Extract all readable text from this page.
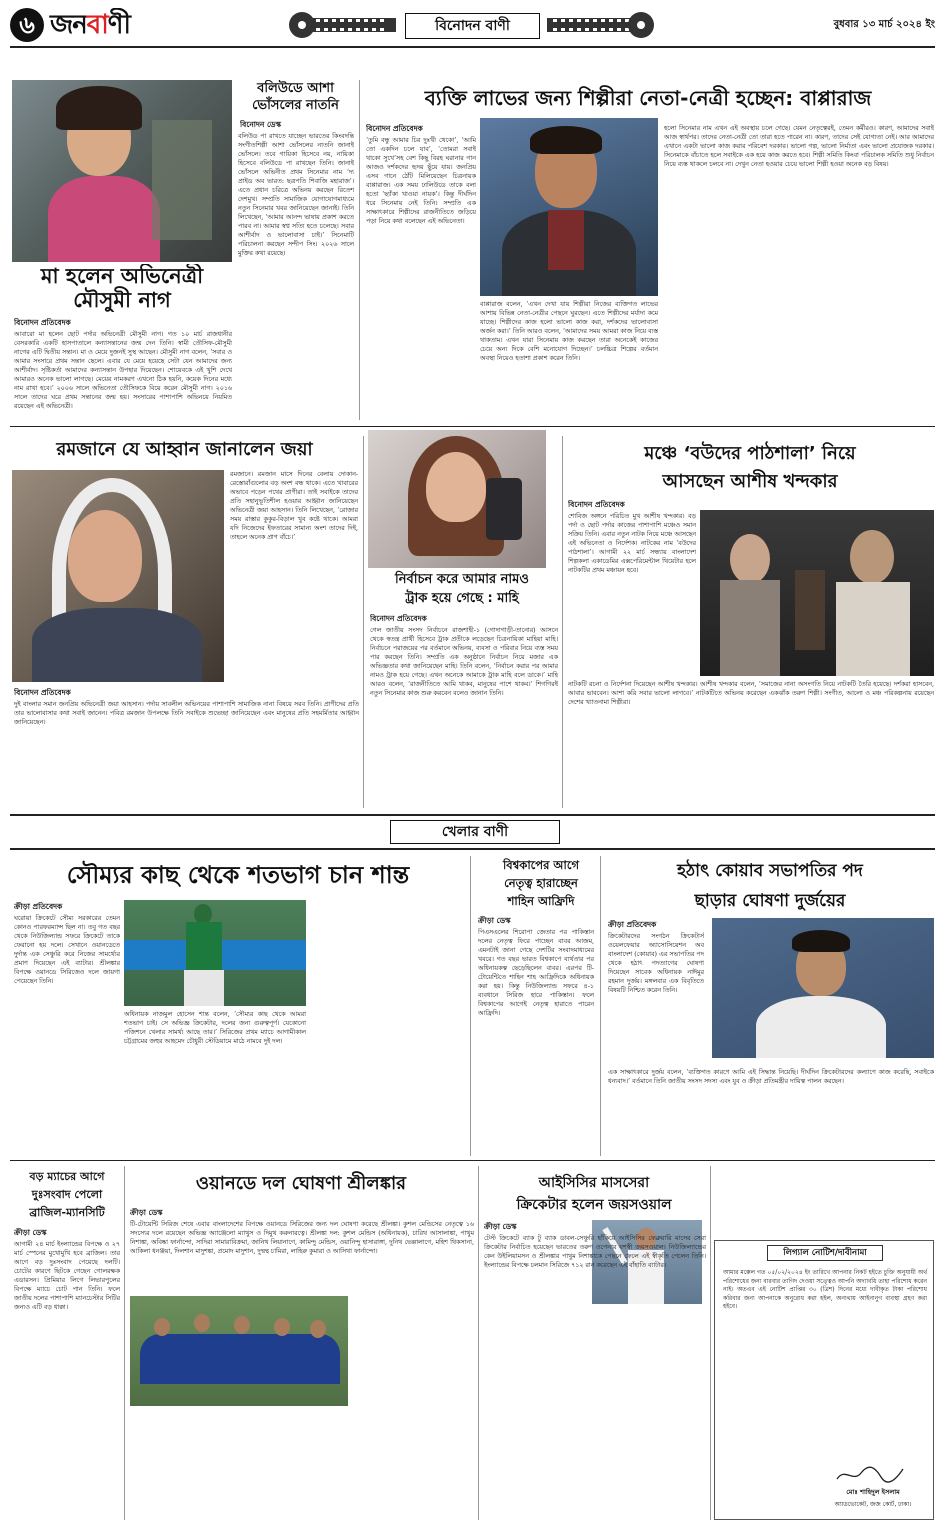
৬ জনবাণী	বিনোদন বাণী	বুধবার ১৩ মার্চ ২০২৪ ইং
মা হলেন অভিনেত্রী
মৌসুমী নাগ
বিনোদন প্রতিবেদক
আবারো মা হলেন ছোট পর্দার অভিনেত্রী মৌসুমী নাগ। গত ১০ মার্চ রাজধানীর বেসরকারি একটি হাসপাতালে কন্যাসন্তানের জন্ম দেন তিনি। স্বামী তৌসিফ-মৌসুমী নাগের এটি দ্বিতীয় সন্তান। মা ও মেয়ে দুজনই সুস্থ আছেন। মৌসুমী নাগ বলেন, ‘সবার ও আমার সংসারে প্রথম সন্তান ছেলে। এবার যে মেয়ে হয়েছে সেটা যেন আমাদের জন্য আশীর্বাদ। সৃষ্টিকর্তা আমাদের কন্যাসন্তান উপহার দিয়েছেন। শোয়েবকে এই খুশি দেখে আমারও অনেক ভালো লাগছে। মেয়ের নামকরণ এখনো ঠিক হয়নি, কয়েক দিনের মধ্যে নাম রাখা হবে।’ ২০০৬ সালে অভিনেতা তৌসিফকে বিয়ে করেন মৌসুমী নাগ। ২০১৬ সালে তাদের ঘরে প্রথম সন্তানের জন্ম হয়। সংসারের পাশাপাশি অভিনয়ে নিয়মিত রয়েছেন এই অভিনেত্রী।
বলিউডে আশা
ভোঁসলের নাতনি
বিনোদন ডেস্ক
বলিউড পা রাখতে যাচ্ছেন ভারতের কিংবদন্তি সংগীতশিল্পী আশা ভোঁসলের নাতনি জানাই ভোঁসলে। তবে গায়িকা হিসেবে নয়, নায়িকা হিসেবে বলিউডে পা রাখছেন তিনি। জানাই ভোঁসলে অভিনীত প্রথম সিনেমার নাম ‘দ্য প্রাইড অব ভারত: ছত্রপতি শিবাজি মহারাজ’। এতে প্রধান চরিত্রে অভিনয় করছেন রিতেশ দেশমুখ। সম্প্রতি সামাজিক যোগাযোগমাধ্যমে নতুন সিনেমার খবর জানিয়েছেন জানাই। তিনি লিখেছেন, ‘আমার আনন্দ ভাষায় প্রকাশ করতে পারব না। আমার স্বপ্ন সত্যি হতে চলেছে। সবার আশীর্বাদ ও ভালোবাসা চাই।’ সিনেমাটি পরিচালনা করছেন সন্দীপ সিং। ২০২৬ সালে মুক্তির কথা রয়েছে।
ব্যক্তি লাভের জন্য শিল্পীরা নেতা-নেত্রী হচ্ছেন: বাপ্পারাজ
বিনোদন প্রতিবেদক
‘তুমি বন্ধু আমার চির দুঃখী থেকো’, ‘আমি তো একদিন চলে যাব’, ‘তোমরা সবাই থাকো সুখে’সহ বেশ কিছু বিরহ ঘরানার গান আজও দর্শকদের হৃদয় ছুঁয়ে যায়। জনপ্রিয় এসব গানে ঠোঁট মিলিয়েছেন চিত্রনায়ক বাপ্পারাজ। এক সময় ঢালিউডে তাকে বলা হতো ‘ছ্যাঁকা খাওয়া নায়ক’। কিন্তু দীর্ঘদিন ধরে সিনেমায় নেই তিনি। সম্প্রতি এক সাক্ষাৎকারে শিল্পীদের রাজনীতিতে জড়িয়ে পড়া নিয়ে কথা বলেছেন এই অভিনেতা।
বাপ্পারাজ বলেন, ‘এখন দেখা যায় শিল্পীরা নিজের ব্যক্তিগত লাভের আশায় বিভিন্ন নেতা-নেত্রীর পেছনে ঘুরছেন। এতে শিল্পীদের মর্যাদা কমে যাচ্ছে। শিল্পীদের কাজ হলো ভালো কাজ করা, দর্শকদের ভালোবাসা অর্জন করা।’ তিনি আরও বলেন, ‘আমাদের সময় আমরা কাজ নিয়ে ব্যস্ত থাকতাম। এখন যারা সিনেমায় কাজ করছেন তারা অনেকেই কাজের চেয়ে অন্য দিকে বেশি মনোযোগ দিচ্ছেন।’ চলচ্চিত্র শিল্পের বর্তমান অবস্থা নিয়েও হতাশা প্রকাশ করেন তিনি।
হলো সিনেমার নাম এখন এই অবস্থায় চলে গেছে। যেমন নেতৃত্বেরই, তেমন কর্মীরও। কারণ, আমাদের সবাই আজ স্বার্থপর। তাদের নেতা-নেত্রী তো তারা হতে পারেন না। কারণ, তাদের সেই যোগ্যতা নেই। আর আমাদের এখানে একটা ভালো কাজ করার পরিবেশ দরকার। ভালো গল্প, ভালো নির্মাতা এবং ভালো প্রযোজক দরকার। সিনেমাকে বাঁচাতে হলে সবাইকে এক হয়ে কাজ করতে হবে। শিল্পী সমিতি কিংবা পরিচালক সমিতি শুধু নির্বাচন নিয়ে ব্যস্ত থাকলে চলবে না। দেখুন নেতা হওয়ার চেয়ে ভালো শিল্পী হওয়া অনেক বড় বিষয়।
রমজানে যে আহ্বান জানালেন জয়া
রমজানে। রমজান মাসে দিনের বেলায় দোকান-রেস্তোরাঁগুলোর বড় অংশ বন্ধ থাকে। এতে খাবারের অভাবে পড়েন পথের প্রাণীরা। তাই সবাইকে তাদের প্রতি সহানুভূতিশীল হওয়ার আহ্বান জানিয়েছেন অভিনেত্রী জয়া আহসান। তিনি লিখেছেন, ‘রোজার সময় রাস্তার কুকুর-বিড়াল খুব কষ্টে থাকে। আমরা যদি নিজেদের ইফতারের সামান্য অংশ তাদের দিই, তাহলে অনেক প্রাণ বাঁচে।’
বিনোদন প্রতিবেদক
দুই বাংলার সমান জনপ্রিয় অভিনেত্রী জয়া আহসান। পর্দায় সাবলীল অভিনয়ের পাশাপাশি সামাজিক নানা বিষয়ে সরব তিনি। প্রাণীদের প্রতি তার ভালোবাসার কথা সবাই জানেন। পবিত্র রমজান উপলক্ষে তিনি সবাইকে শুভেচ্ছা জানিয়েছেন এবং মানুষের প্রতি সহমর্মিতার আহ্বান জানিয়েছেন।
নির্বাচন করে আমার নামও
ট্রাক হয়ে গেছে : মাহি
বিনোদন প্রতিবেদক
গেল জাতীয় সংসদ নির্বাচনে রাজশাহী-১ (গোদাগাড়ী-তানোর) আসনে থেকে স্বতন্ত্র প্রার্থী হিসেবে ট্রাক প্রতীকে লড়েছেন চিত্রনায়িকা মাহিয়া মাহি। নির্বাচনে পরাজয়ের পর বর্তমানে অভিনয়, ব্যবসা ও পরিবার নিয়ে ব্যস্ত সময় পার করছেন তিনি। সম্প্রতি এক অনুষ্ঠানে নির্বাচন নিয়ে মজার এক অভিজ্ঞতার কথা জানিয়েছেন মাহি। তিনি বলেন, ‘নির্বাচন করার পর আমার নামও ট্রাক হয়ে গেছে। এখন অনেকে আমাকে ট্রাক মাহি বলে ডাকে।’ মাহি আরও বলেন, ‘রাজনীতিতে আমি থাকব, মানুষের পাশে থাকব।’ শিগগিরই নতুন সিনেমার কাজ শুরু করবেন বলেও জানান তিনি।
মঞ্চে ‘বউদের পাঠশালা’ নিয়ে
আসছেন আশীষ খন্দকার
বিনোদন প্রতিবেদক
শোবিজ অঙ্গনে পরিচিত মুখ আশীষ খন্দকার। বড় পর্দা ও ছোট পর্দার কাজের পাশাপাশি মঞ্চেও সমান সক্রিয় তিনি। এবার নতুন নাটক নিয়ে মঞ্চে আসছেন এই অভিনেতা ও নির্দেশক। নাটকের নাম ‘বউদের পাঠশালা’। আগামী ২২ মার্চ সন্ধ্যায় বাংলাদেশ শিল্পকলা একাডেমির এক্সপেরিমেন্টাল থিয়েটার হলে নাটকটির প্রথম মঞ্চায়ন হবে।
নাটকটি রচনা ও নির্দেশনা দিয়েছেন আশীষ খন্দকার। আশীষ খন্দকার বলেন, ‘সমাজের নানা অসংগতি নিয়ে নাটকটি তৈরি হয়েছে। দর্শকরা হাসবেন, আবার ভাববেন। আশা করি সবার ভালো লাগবে।’ নাটকটিতে অভিনয় করেছেন একঝাঁক তরুণ শিল্পী। সংগীত, আলো ও মঞ্চ পরিকল্পনায় রয়েছেন দেশের খ্যাতনামা শিল্পীরা।
খেলার বাণী
সৌম্যর কাছ থেকে শতভাগ চান শান্ত
ক্রীড়া প্রতিবেদক
ঘরোয়া ক্রিকেটে সৌম্য সরকারের তেমন কোনও পারফরম্যান্স ছিল না। তবু গত বছর থেকে নিউজিল্যান্ড সফরে ক্রিকেটে তাকে ফেরানো হয় দলে। সেখানে ওয়ানডেতে দুর্দান্ত এক সেঞ্চুরি করে নিজের সামর্থ্যের প্রমাণ দিয়েছেন এই ব্যাটার। শ্রীলঙ্কার বিপক্ষে ওয়ানডে সিরিজেও দলে জায়গা পেয়েছেন তিনি।
অধিনায়ক নাজমুল হোসেন শান্ত বলেন, ‘সৌম্যর কাছ থেকে আমরা শতভাগ চাই। সে অভিজ্ঞ ক্রিকেটার, দলের জন্য গুরুত্বপূর্ণ। যেকোনো পজিশনে খেলার সামর্থ্য আছে তার।’ সিরিজের প্রথম ম্যাচে আগামীকাল চট্টগ্রামের জহুর আহমেদ চৌধুরী স্টেডিয়ামে মাঠে নামবে দুই দল।
বিশ্বকাপের আগে
নেতৃত্ব হারাচ্ছেন
শাহিন আফ্রিদি
ক্রীড়া ডেস্ক
পিএসএলের শিরোপা জেতার পর পাকিস্তান দলের নেতৃত্ব ফিরে পাচ্ছেন বাবর আজম, এমনটাই জানা গেছে দেশটির সংবাদমাধ্যমের খবরে। গত বছর ভারত বিশ্বকাপে ব্যর্থতার পর অধিনায়কত্ব ছেড়েছিলেন বাবর। এরপর টি-টোয়েন্টিতে শাহিন শাহ আফ্রিদিকে অধিনায়ক করা হয়। কিন্তু নিউজিল্যান্ড সফরে ৪-১ ব্যবধানে সিরিজ হারে পাকিস্তান। ফলে বিশ্বকাপের আগেই নেতৃত্ব হারাতে পারেন আফ্রিদি।
হঠাৎ কোয়াব সভাপতির পদ
ছাড়ার ঘোষণা দুর্জয়ের
ক্রীড়া প্রতিবেদক
ক্রিকেটারদের সংগঠন ক্রিকেটার্স ওয়েলফেয়ার অ্যাসোসিয়েশন অব বাংলাদেশ (কোয়াব) এর সভাপতির পদ থেকে হঠাৎ পদত্যাগের ঘোষণা দিয়েছেন সাবেক অধিনায়ক নাঈমুর রহমান দুর্জয়। মঙ্গলবার এক বিবৃতিতে বিষয়টি নিশ্চিত করেন তিনি।
এক সাক্ষাৎকারে দুর্জয় বলেন, ‘ব্যক্তিগত কারণে আমি এই সিদ্ধান্ত নিয়েছি। দীর্ঘদিন ক্রিকেটারদের কল্যাণে কাজ করেছি, সবাইকে ধন্যবাদ।’ বর্তমানে তিনি জাতীয় সংসদ সদস্য এবং যুব ও ক্রীড়া প্রতিমন্ত্রীর দায়িত্ব পালন করছেন।
বড় ম্যাচের আগে
দুঃসংবাদ পেলো
ব্রাজিল-ম্যানসিটি
ক্রীড়া ডেস্ক
আগামী ২৪ মার্চ ইংল্যান্ডের বিপক্ষে ও ২৭ মার্চ স্পেনের মুখোমুখি হবে ব্রাজিল। তার আগে বড় দুঃসংবাদ পেয়েছে দলটি। চোটের কারণে ছিটকে গেছেন গোলরক্ষক এডারসন। প্রিমিয়ার লিগে লিভারপুলের বিপক্ষে ম্যাচে চোট পান তিনি। ফলে জাতীয় দলের পাশাপাশি ম্যানচেস্টার সিটির জন্যও এটি বড় ধাক্কা।
ওয়ানডে দল ঘোষণা শ্রীলঙ্কার
ক্রীড়া ডেস্ক
টি-টোয়েন্টি সিরিজ শেষে এবার বাংলাদেশের বিপক্ষে ওয়ানডে সিরিজের জন্য দল ঘোষণা করেছে শ্রীলঙ্কা। কুশল মেন্ডিসের নেতৃত্বে ১৬ সদস্যের দলে রয়েছেন অভিজ্ঞ অ্যাঞ্জেলো ম্যাথুস ও দিমুথ করুনারত্নে। শ্রীলঙ্কা দল: কুশল মেন্ডিস (অধিনায়ক), চারিথ আসালাঙ্কা, পাথুম নিশাঙ্কা, অবিষ্কা ফার্নান্দো, সাদিরা সামারাবিক্রমা, জানিথ লিয়ানাগে, কামিন্দু মেন্ডিস, ওয়ানিন্দু হাসারাঙ্গা, দুনিথ ভেল্লালাগে, মহিশ থিকসানা, আকিলা ধনঞ্জয়া, দিলশান মাদুশঙ্কা, প্রমোদ মাদুশান, দুষ্মন্থ চামিরা, লাহিরু কুমারা ও আসিথা ফার্নান্দো।
আইসিসির মাসসেরা
ক্রিকেটার হলেন জয়সওয়াল
ক্রীড়া ডেস্ক
টেস্ট ক্রিকেটে ব্যাক টু ব্যাক ডাবল-সেঞ্চুরি হাঁকিয়ে আইসিসির ফেব্রুয়ারি মাসের সেরা ক্রিকেটার নির্বাচিত হয়েছেন ভারতের তরুণ ওপেনার যশস্বী জয়সওয়াল। নিউজিল্যান্ডের কেন উইলিয়ামসন ও শ্রীলঙ্কার পাথুম নিশাঙ্কাকে পেছনে ফেলে এই স্বীকৃতি পেলেন তিনি। ইংল্যান্ডের বিপক্ষে চলমান সিরিজে ৭১২ রান করেছেন এই বাঁহাতি ব্যাটার।
লিগ্যাল নোটিশ/দাবীনামা
আমার মক্কেল গত ০৫/০২/২০২৪ ইং তারিখে আপনার নিকট হইতে চুক্তি অনুযায়ী অর্থ পরিশোধের জন্য বারবার তাগিদ দেওয়া সত্ত্বেও আপনি অদ্যাবধি তাহা পরিশোধ করেন নাই। অতএব এই নোটিশ প্রাপ্তির ৩০ (ত্রিশ) দিনের মধ্যে দাবীকৃত টাকা পরিশোধ করিবার জন্য আপনাকে অনুরোধ করা হইল, অন্যথায় আইনানুগ ব্যবস্থা গ্রহণ করা হইবে।
মোঃ শাহিদুল ইসলাম
অ্যাডভোকেট, জজ কোর্ট, ঢাকা।
